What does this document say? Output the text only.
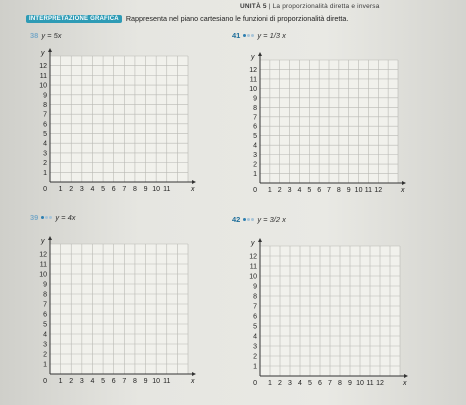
UNITÀ 5 | La proporzionalità diretta e inversa
INTERPRETAZIONE GRAFICA Rappresenta nel piano cartesiano le funzioni di proporzionalità diretta.
38 y = 5x
1 2 3 4 5 6 7 8 9 10 11
1
2
3
4
5
6
7
8
9
10
11
12
0	x
y
41 y = 1/3 x
1 2 3 4 5 6 7 8 9 10 11 12
1
2
3
4
5
6
7
8
9
10
11
12
0	x
y
39 y = 4x
1 2 3 4 5 6 7 8 9 10 11
1
2
3
4
5
6
7
8
9
10
11
12
0	x
y
42 y = 3/2 x
1 2 3 4 5 6 7 8 9 10 11 12
1
2
3
4
5
6
7
8
9
10
11
12
0	x
y
